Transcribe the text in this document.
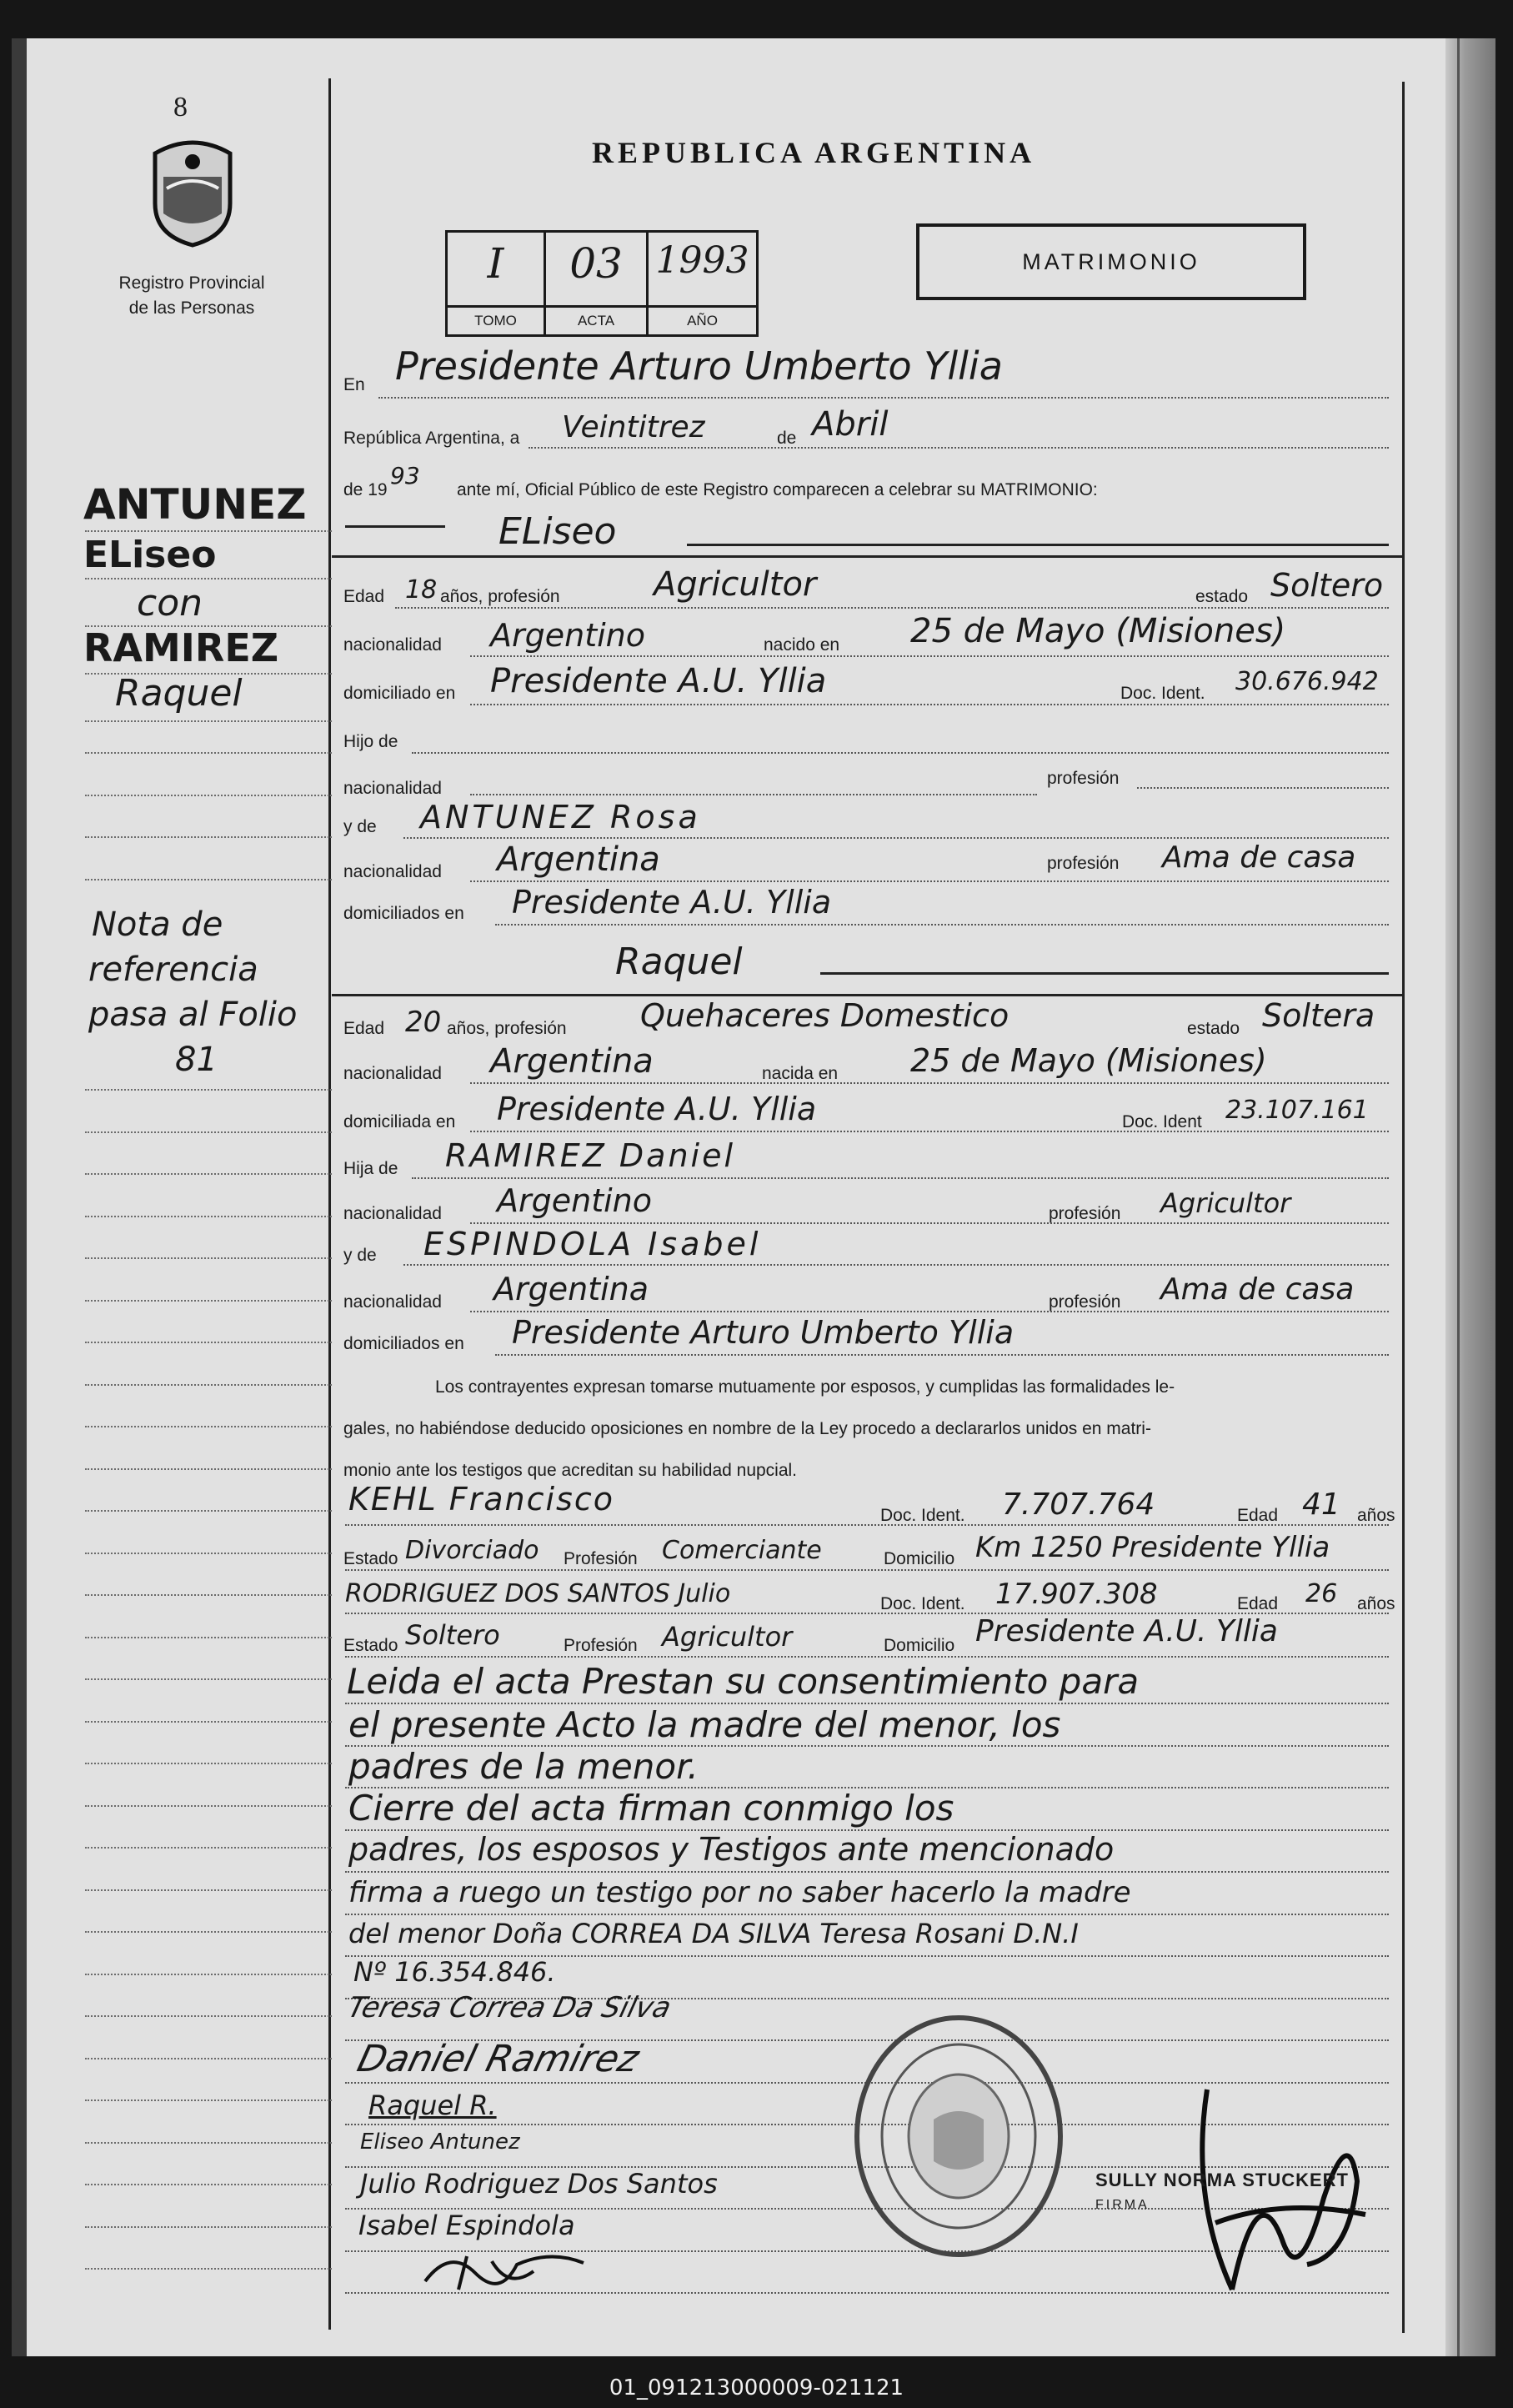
8
Registro Provincial
de las Personas
ANTUNEZ
ELiseo
con
RAMIREZ
Raquel
Nota de
referencia
pasa al Folio
81
REPUBLICA ARGENTINA
I
TOMO
03
ACTA
1993
AÑO
MATRIMONIO
En Presidente Arturo Umberto Yllia
República Argentina, a Veintitrez	de Abril
de 19
93
ante mí, Oficial Público de este Registro comparecen a celebrar su MATRIMONIO:
ELiseo
Edad 18 años, profesión	Agricultor	estado Soltero
nacionalidad Argentino	nacido en 25 de Mayo (Misiones)
domiciliado en Presidente A.U. Yllia	Doc. Ident. 30.676.942
Hijo de
nacionalidad
profesión
y de ANTUNEZ Rosa
nacionalidad Argentina	profesión Ama de casa
domiciliados en Presidente A.U. Yllia
Raquel
Edad 20 años, profesión Quehaceres Domestico	estado Soltera
nacionalidad Argentina	nacida en 25 de Mayo (Misiones)
domiciliada en Presidente A.U. Yllia	Doc. Ident 23.107.161
Hija de RAMIREZ Daniel
nacionalidad Argentino	profesión Agricultor
y de ESPINDOLA Isabel
nacionalidad Argentina	profesión Ama de casa
domiciliados en Presidente Arturo Umberto Yllia
Los contrayentes expresan tomarse mutuamente por esposos, y cumplidas las formalidades le-
gales, no habiéndose deducido oposiciones en nombre de la Ley procedo a declararlos unidos en matri-
monio ante los testigos que acreditan su habilidad nupcial.
KEHL Francisco	Doc. Ident. 7.707.764	Edad 41 años
Estado Divorciado Profesión Comerciante	Domicilio Km 1250 Presidente Yllia
RODRIGUEZ DOS SANTOS Julio	Doc. Ident. 17.907.308	Edad 26 años
Estado Soltero	Profesión Agricultor	Domicilio Presidente A.U. Yllia
Leida el acta Prestan su consentimiento para
el presente Acto la madre del menor, los
padres de la menor.
Cierre del acta firman conmigo los
padres, los esposos y Testigos ante mencionado
firma a ruego un testigo por no saber hacerlo la madre
del menor Doña CORREA DA SILVA Teresa Rosani D.N.I
Nº 16.354.846.
Teresa Correa Da Silva
Daniel Ramirez
Raquel R.
Eliseo Antunez
Julio Rodriguez Dos Santos
Isabel Espindola
SULLY NORMA STUCKERT
FIRMA
01_091213000009-021121
